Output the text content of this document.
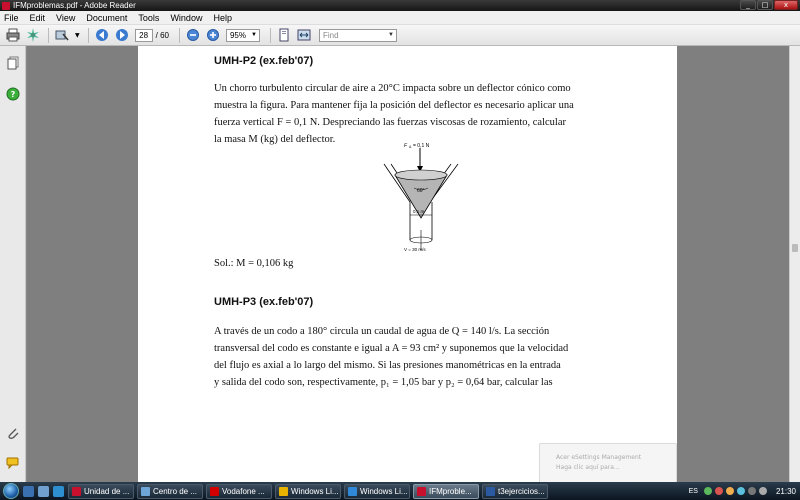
IFMproblemas.pdf - Adobe Reader	_	□	x
File Edit View Document Tools Window Help
▼	28 / 60	95% ▼	Find	▼
?
UMH-P2 (ex.feb'07)
Un chorro turbulento circular de aire a 20°C impacta sobre un deflector cónico como
muestra la figura. Para mantener fija la posición del deflector es necesario aplicar una
fuerza vertical F = 0,1 N. Despreciando las fuerzas viscosas de rozamiento, calcular
la masa M (kg) del deflector.
F A = 0,1 N
60°
0,1 m
V = 30 m/s
Sol.: M = 0,106 kg
UMH-P3 (ex.feb'07)
A través de un codo a 180° circula un caudal de agua de Q = 140 l/s. La sección
transversal del codo es constante e igual a A = 93 cm² y suponemos que la velocidad
del flujo es axial a lo largo del mismo. Si las presiones manométricas en la entrada
y salida del codo son, respectivamente, p₁ = 1,05 bar y p₂ = 0,64 bar, calcular las
Acer eSettings Management
Haga clic aquí para...
Unidad de ...	Centro de ...	Vodafone ...	Windows Li...	Windows Li...	IFMproble...	t3ejercicios...	ES	21:30
